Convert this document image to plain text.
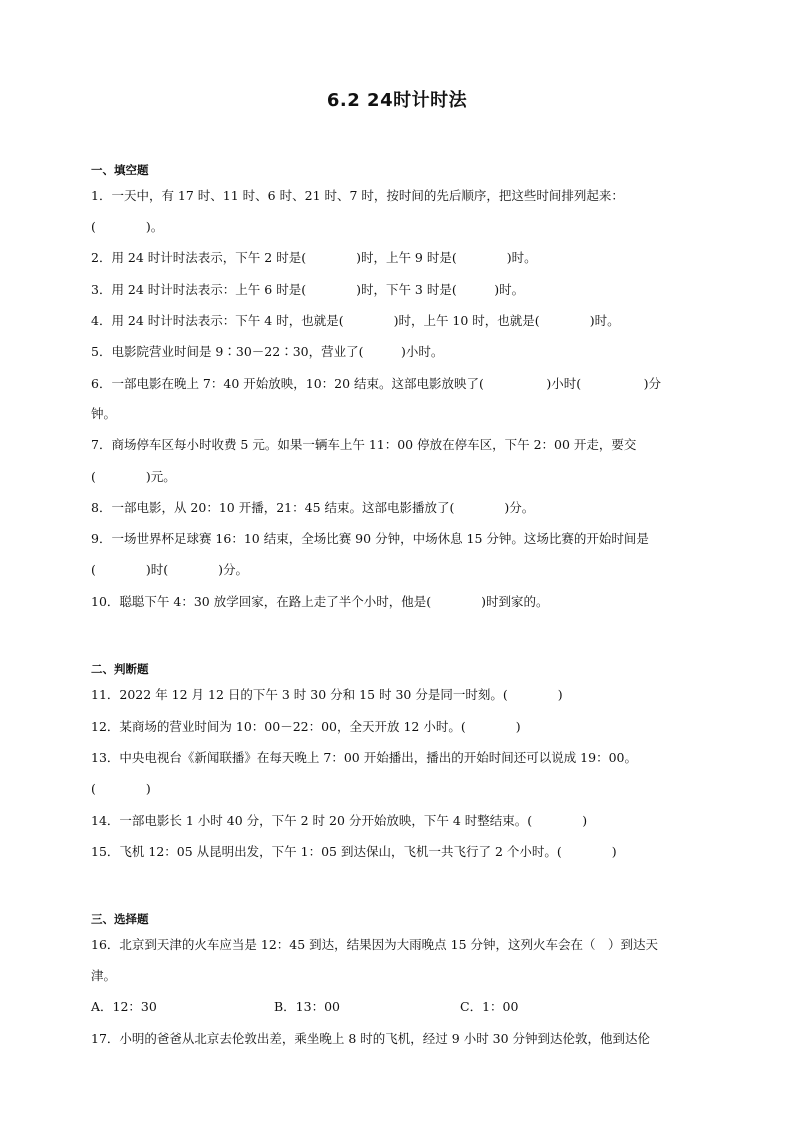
6.2 24时计时法
一、填空题
1．一天中，有 17 时、11 时、6 时、21 时、7 时，按时间的先后顺序，把这些时间排列起来：
(　　　　)。
2．用 24 时计时法表示，下午 2 时是(　　　　)时，上午 9 时是(　　　　)时。
3．用 24 时计时法表示：上午 6 时是(　　　　)时，下午 3 时是(　　　)时。
4．用 24 时计时法表示：下午 4 时，也就是(　　　　)时，上午 10 时，也就是(　　　　)时。
5．电影院营业时间是 9∶30－22∶30，营业了(　　　)小时。
6．一部电影在晚上 7：40 开始放映，10：20 结束。这部电影放映了(　　　　　)小时(　　　　　)分
钟。
7．商场停车区每小时收费 5 元。如果一辆车上午 11：00 停放在停车区，下午 2：00 开走，要交
(　　　　)元。
8．一部电影，从 20：10 开播，21：45 结束。这部电影播放了(　　　　)分。
9．一场世界杯足球赛 16：10 结束，全场比赛 90 分钟，中场休息 15 分钟。这场比赛的开始时间是
(　　　　)时(　　　　)分。
10．聪聪下午 4：30 放学回家，在路上走了半个小时，他是(　　　　)时到家的。
二、判断题
11．2022 年 12 月 12 日的下午 3 时 30 分和 15 时 30 分是同一时刻。(　　　　)
12．某商场的营业时间为 10：00－22：00，全天开放 12 小时。(　　　　)
13．中央电视台《新闻联播》在每天晚上 7：00 开始播出，播出的开始时间还可以说成 19：00。
(　　　　)
14．一部电影长 1 小时 40 分，下午 2 时 20 分开始放映，下午 4 时整结束。(　　　　)
15．飞机 12：05 从昆明出发，下午 1：05 到达保山，飞机一共飞行了 2 个小时。(　　　　)
三、选择题
16．北京到天津的火车应当是 12：45 到达，结果因为大雨晚点 15 分钟，这列火车会在（　）到达天
津。
A．12：30	B．13：00	C．1：00
17．小明的爸爸从北京去伦敦出差，乘坐晚上 8 时的飞机，经过 9 小时 30 分钟到达伦敦，他到达伦
